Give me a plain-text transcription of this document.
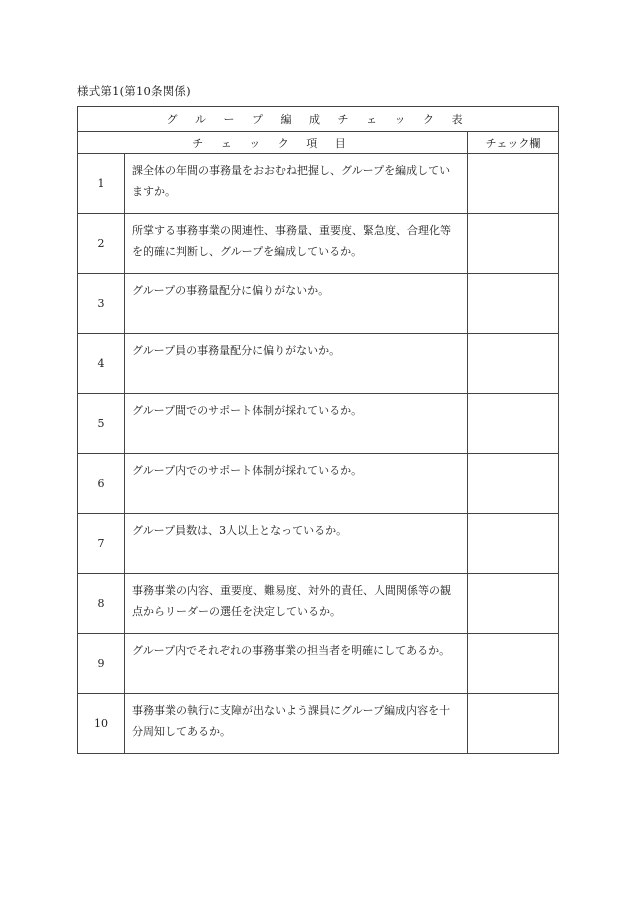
様式第1(第10条関係)
グ ル ー プ 編 成 チ ェ ッ ク 表		
チ ェ ッ ク 項 目		チェック欄
1	課全体の年間の事務量をおおむね把握し、グループを編成していますか。	
2	所掌する事務事業の関連性、事務量、重要度、緊急度、合理化等を的確に判断し、グループを編成しているか。	
3	グループの事務量配分に偏りがないか。	
4	グループ員の事務量配分に偏りがないか。	
5	グループ間でのサポート体制が採れているか。	
6	グループ内でのサポート体制が採れているか。	
7	グループ員数は、3人以上となっているか。	
8	事務事業の内容、重要度、難易度、対外的責任、人間関係等の観点からリーダーの選任を決定しているか。	
9	グループ内でそれぞれの事務事業の担当者を明確にしてあるか。	
10	事務事業の執行に支障が出ないよう課員にグループ編成内容を十分周知してあるか。	
